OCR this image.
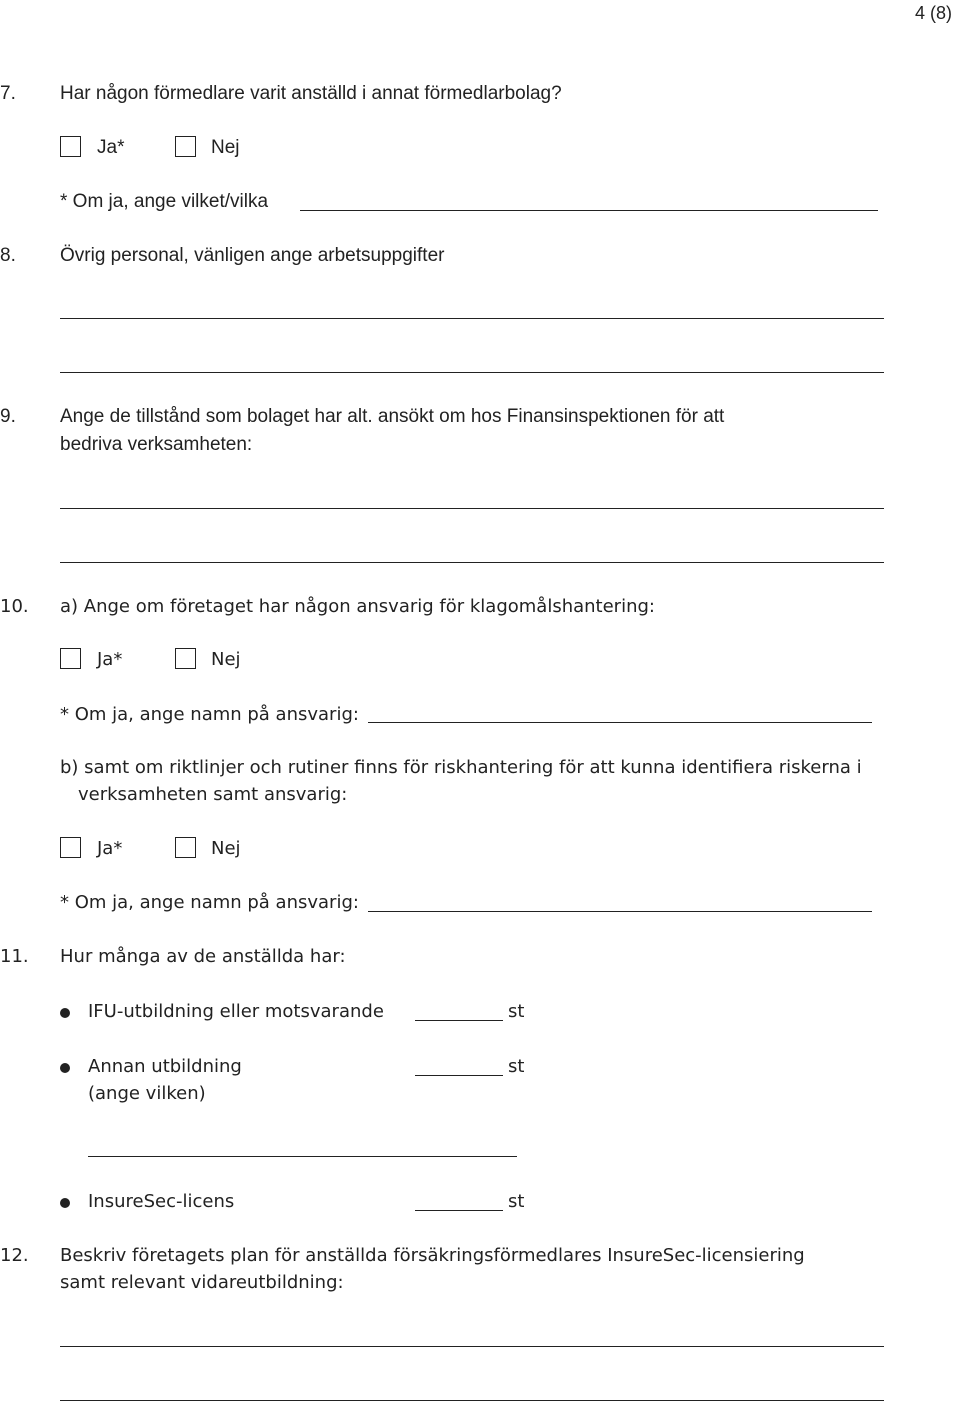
4 (8)
7. Har någon förmedlare varit anställd i annat förmedlarbolag?
Ja*	Nej
* Om ja, ange vilket/vilka
8. Övrig personal, vänligen ange arbetsuppgifter
9. Ange de tillstånd som bolaget har alt. ansökt om hos Finansinspektionen för att
bedriva verksamheten:
10. a) Ange om företaget har någon ansvarig för klagomålshantering:
Ja*	Nej
* Om ja, ange namn på ansvarig:
b) samt om riktlinjer och rutiner finns för riskhantering för att kunna identifiera riskerna i
verksamheten samt ansvarig:
Ja*	Nej
* Om ja, ange namn på ansvarig:
11. Hur många av de anställda har:
IFU-utbildning eller motsvarande	st
Annan utbildning
(ange vilken)
st
InsureSec-licens	st
12. Beskriv företagets plan för anställda försäkringsförmedlares InsureSec-licensiering
samt relevant vidareutbildning:
